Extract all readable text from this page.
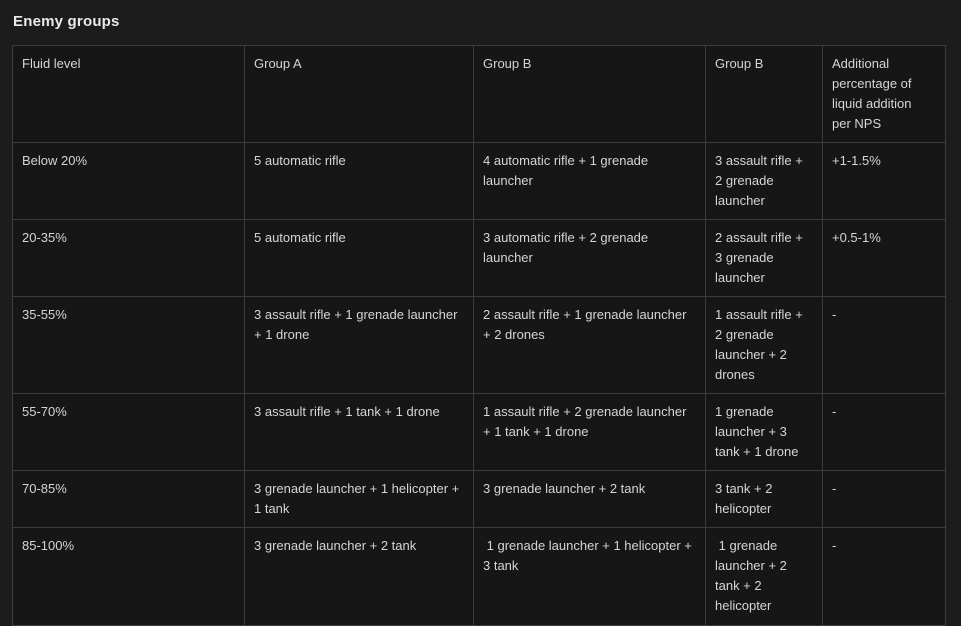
Enemy groups
Fluid level	Group A	Group B	Group B	Additional percentage of liquid addition per NPS
Below 20%	5 automatic rifle	4 automatic rifle + 1 grenade launcher	3 assault rifle + 2 grenade launcher	+1-1.5%
20-35%	5 automatic rifle	3 automatic rifle + 2 grenade launcher	2 assault rifle + 3 grenade launcher	+0.5-1%
35-55%	3 assault rifle + 1 grenade launcher + 1 drone	2 assault rifle + 1 grenade launcher + 2 drones	1 assault rifle + 2 grenade launcher + 2 drones	-
55-70%	3 assault rifle + 1 tank + 1 drone	1 assault rifle + 2 grenade launcher + 1 tank + 1 drone	1 grenade launcher + 3 tank + 1 drone	-
70-85%	3 grenade launcher + 1 helicopter + 1 tank	3 grenade launcher + 2 tank	3 tank + 2 helicopter	-
85-100%	3 grenade launcher + 2 tank	1 grenade launcher + 1 helicopter + 3 tank	1 grenade launcher + 2 tank + 2 helicopter	-
